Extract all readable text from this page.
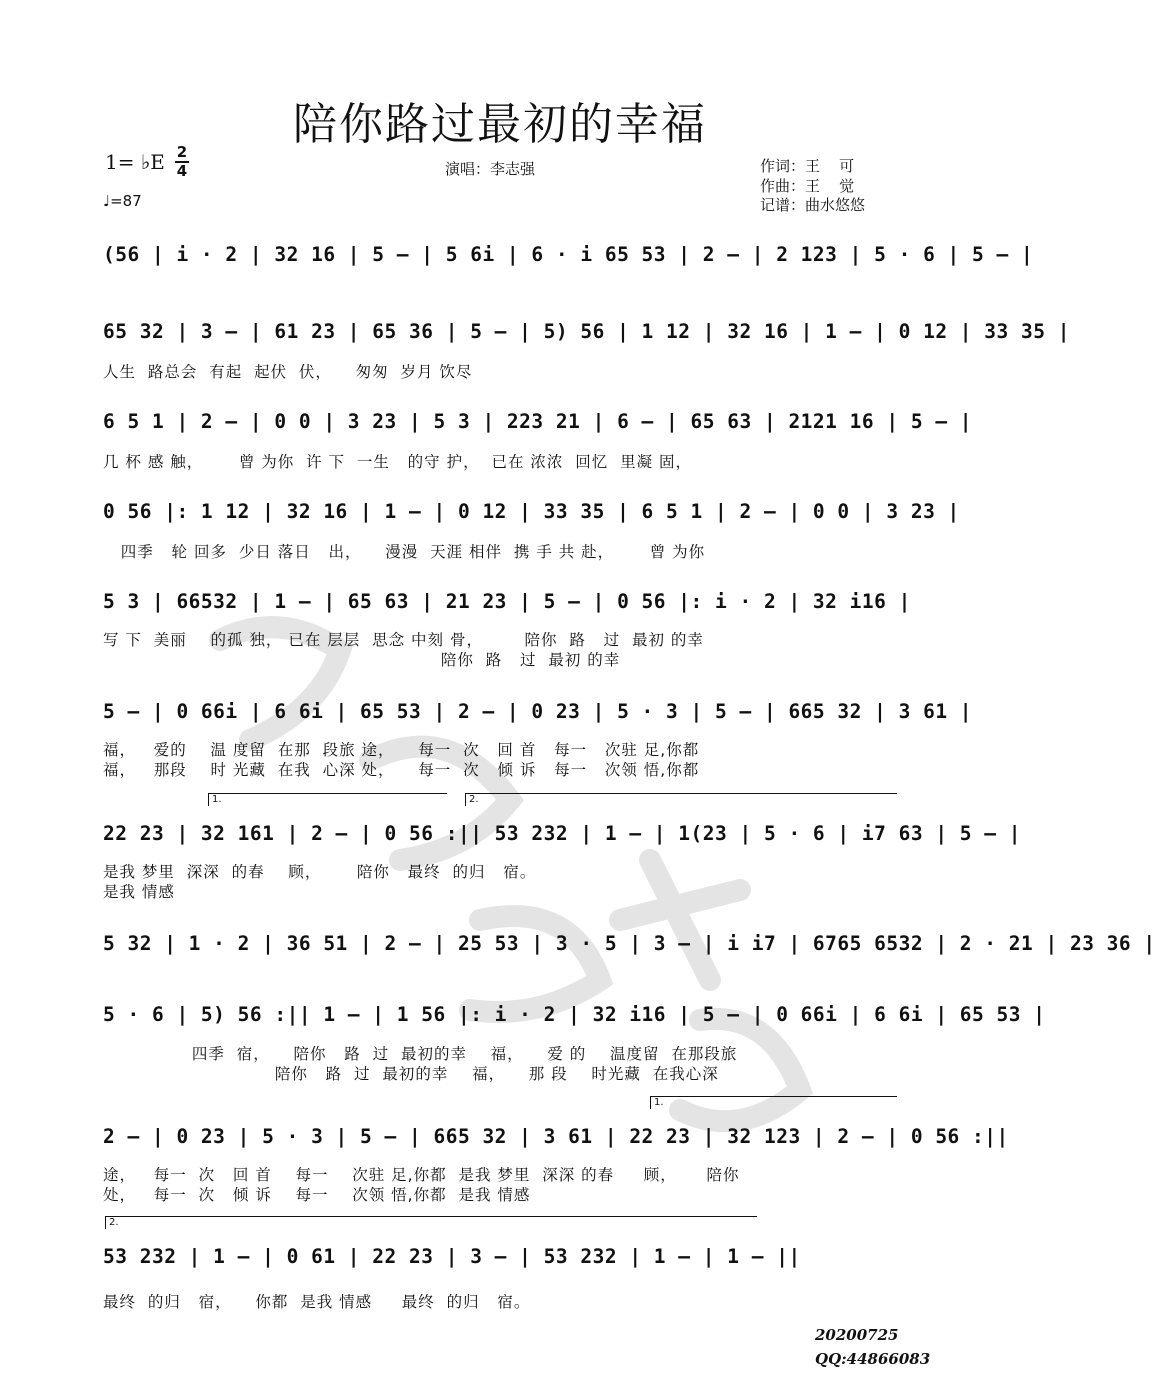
陪你路过最初的幸福
1= ♭E 2
4
♩=87
演唱：李志强	作词：王    可
作曲：王    觉
记谱：曲水悠悠
(56 | i · 2 | 32 16 | 5 – | 5 6i | 6 · i 65 53 | 2 – | 2 123 | 5 · 6 | 5 – |
65 32 | 3 – | 61 23 | 65 36 | 5 – | 5) 56 | 1 12 | 32 16 | 1 – | 0 12 | 33 35 |
人生  路总会  有起  起伏  伏，    匆匆  岁月 饮尽
6 5 1 | 2 – | 0 0 | 3 23 | 5 3 | 223 21 | 6 – | 65 63 | 2121 16 | 5 – |
几 杯 感 触，      曾 为你  许 下  一生   的守 护，  已在 浓浓  回忆  里凝 固，
0 56 |: 1 12 | 32 16 | 1 – | 0 12 | 33 35 | 6 5 1 | 2 – | 0 0 | 3 23 |
四季   轮 回多  少日 落日   出，    漫漫  天涯 相伴  携 手 共 赴，      曾 为你
5 3 | 66532 | 1 – | 65 63 | 21 23 | 5 – | 0 56 |: i · 2 | 32 i16 |
写 下  美丽    的孤 独， 已在 层层  思念 中刻 骨，       陪你  路   过  最初 的幸
陪你  路   过  最初 的幸
5 – | 0 66i | 6 6i | 65 53 | 2 – | 0 23 | 5 · 3 | 5 – | 665 32 | 3 61 |
福，   爱的    温 度留  在那  段旅 途，    每一  次   回 首   每一   次驻 足,你都
福，   那段    时 光藏  在我  心深 处，    每一  次   倾 诉   每一   次领 悟,你都
1.	2.
22 23 | 32 161 | 2 – | 0 56 :|| 53 232 | 1 – | 1(23 | 5 · 6 | i7 63 | 5 – |
是我 梦里  深深  的春    顾，      陪你   最终  的归   宿。
是我 情感
5 32 | 1 · 2 | 36 51 | 2 – | 25 53 | 3 · 5 | 3 – | i i7 | 6765 6532 | 2 · 21 | 23 36 |
5 · 6 | 5) 56 :|| 1 – | 1 56 |: i · 2 | 32 i16 | 5 – | 0 66i | 6 6i | 65 53 |
四季  宿，    陪你   路  过  最初的幸    福，    爱 的    温度留  在那段旅
陪你   路  过  最初的幸    福，    那 段    时光藏  在我心深
1.
2 – | 0 23 | 5 · 3 | 5 – | 665 32 | 3 61 | 22 23 | 32 123 | 2 – | 0 56 :||
途，   每一  次   回 首    每一    次驻 足,你都  是我 梦里  深深 的春     顾，     陪你
处，   每一  次   倾 诉    每一    次领 悟,你都  是我 情感
2.
53 232 | 1 – | 0 61 | 22 23 | 3 – | 53 232 | 1 – | 1 – ||
最终  的归   宿，    你都  是我 情感     最终  的归   宿。
20200725
QQ:44866083
